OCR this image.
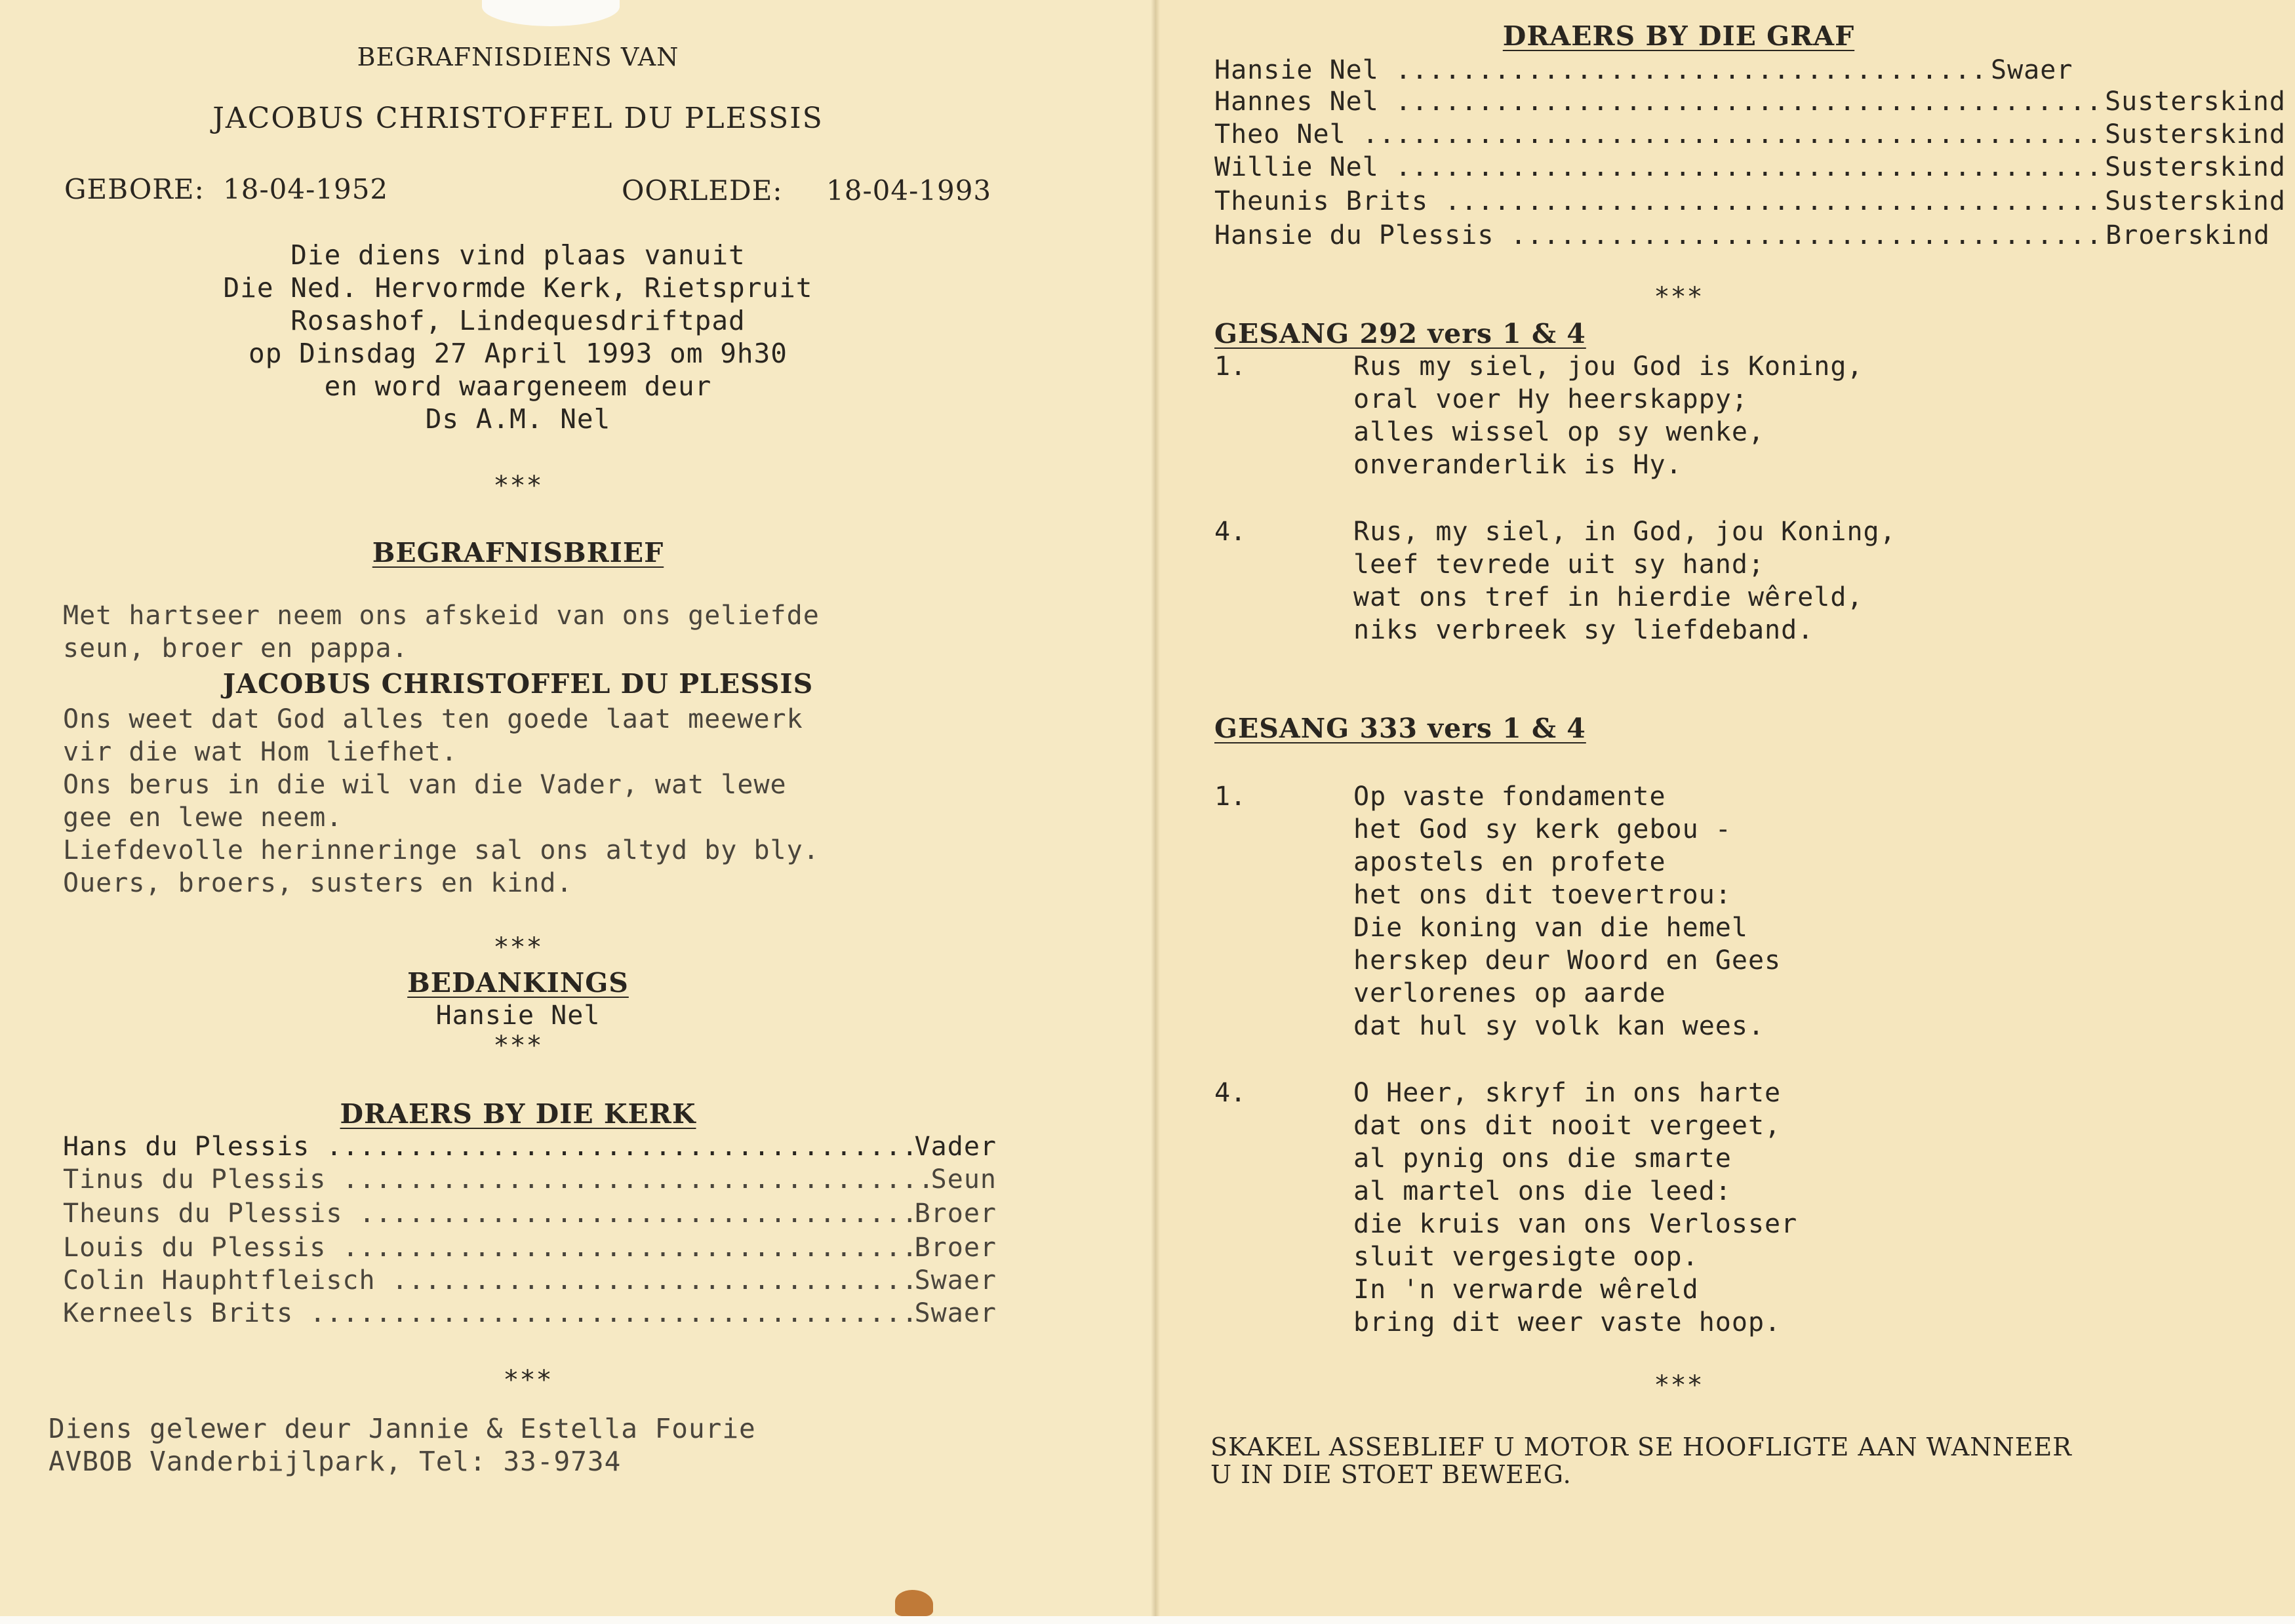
BEGRAFNISDIENS VAN
JACOBUS CHRISTOFFEL DU PLESSIS
GEBORE: 18-04-1952	OORLEDE: 18-04-1993
Die diens vind plaas vanuit
Die Ned. Hervormde Kerk, Rietspruit
Rosashof, Lindequesdriftpad
op Dinsdag 27 April 1993 om 9h30
en word waargeneem deur
Ds A.M. Nel
***
BEGRAFNISBRIEF
Met hartseer neem ons afskeid van ons geliefde
seun, broer en pappa.
JACOBUS CHRISTOFFEL DU PLESSIS
Ons weet dat God alles ten goede laat meewerk
vir die wat Hom liefhet.
Ons berus in die wil van die Vader, wat lewe
gee en lewe neem.
Liefdevolle herinneringe sal ons altyd by bly.
Ouers, broers, susters en kind.
***
BEDANKINGS
Hansie Nel
***
DRAERS BY DIE KERK
Hans du Plessis .....	Vader
Tinus du Plessis .....	Seun
Theuns du Plessis .....	Broer
Louis du Plessis .....	Broer
Colin Hauphtfleisch .....	Swaer
Kerneels Brits .....	Swaer
***
Diens gelewer deur Jannie & Estella Fourie
AVBOB Vanderbijlpark, Tel: 33-9734
DRAERS BY DIE GRAF
Hansie Nel .....	Swaer
Hannes Nel .....	Susterskind
Theo Nel .....	Susterskind
Willie Nel .....	Susterskind
Theunis Brits .....	Susterskind
Hansie du Plessis .....	Broerskind
***
GESANG 292 vers 1 & 4
1.	Rus my siel, jou God is Koning,
oral voer Hy heerskappy;
alles wissel op sy wenke,
onveranderlik is Hy.
4.	Rus, my siel, in God, jou Koning,
leef tevrede uit sy hand;
wat ons tref in hierdie wêreld,
niks verbreek sy liefdeband.
GESANG 333 vers 1 & 4
1.	Op vaste fondamente
het God sy kerk gebou -
apostels en profete
het ons dit toevertrou:
Die koning van die hemel
herskep deur Woord en Gees
verlorenes op aarde
dat hul sy volk kan wees.
4.	O Heer, skryf in ons harte
dat ons dit nooit vergeet,
al pynig ons die smarte
al martel ons die leed:
die kruis van ons Verlosser
sluit vergesigte oop.
In 'n verwarde wêreld
bring dit weer vaste hoop.
***
SKAKEL ASSEBLIEF U MOTOR SE HOOFLIGTE AAN WANNEER
U IN DIE STOET BEWEEG.
